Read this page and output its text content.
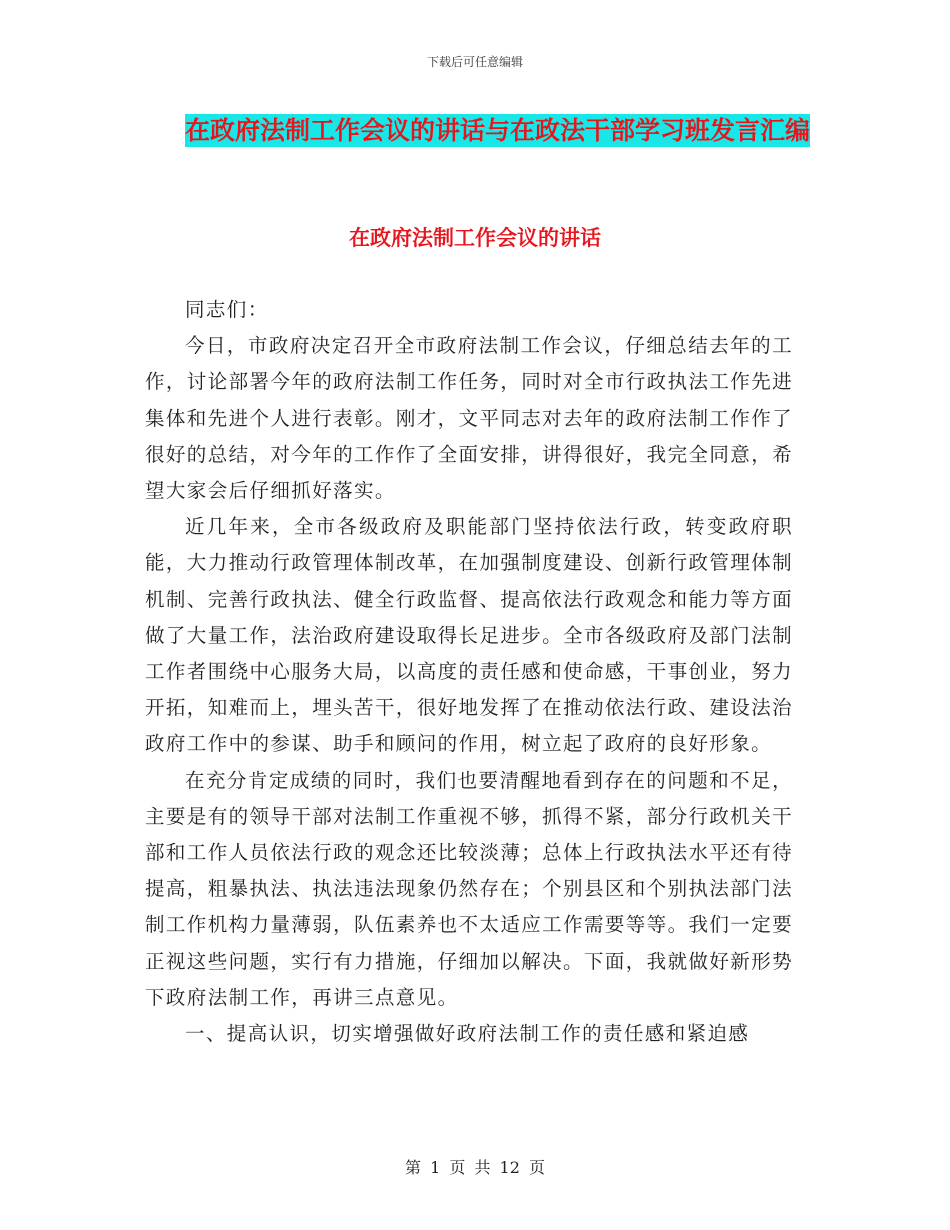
下载后可任意编辑
在政府法制工作会议的讲话与在政法干部学习班发言汇编
在政府法制工作会议的讲话

同志们：

今日，市政府决定召开全市政府法制工作会议，仔细总结去年的工作，讨论部署今年的政府法制工作任务，同时对全市行政执法工作先进集体和先进个人进行表彰。刚才，文平同志对去年的政府法制工作作了很好的总结，对今年的工作作了全面安排，讲得很好，我完全同意，希望大家会后仔细抓好落实。

近几年来，全市各级政府及职能部门坚持依法行政，转变政府职能，大力推动行政管理体制改革，在加强制度建设、创新行政管理体制机制、完善行政执法、健全行政监督、提高依法行政观念和能力等方面做了大量工作，法治政府建设取得长足进步。全市各级政府及部门法制工作者围绕中心服务大局，以高度的责任感和使命感，干事创业，努力开拓，知难而上，埋头苦干，很好地发挥了在推动依法行政、建设法治政府工作中的参谋、助手和顾问的作用，树立起了政府的良好形象。

在充分肯定成绩的同时，我们也要清醒地看到存在的问题和不足，主要是有的领导干部对法制工作重视不够，抓得不紧，部分行政机关干部和工作人员依法行政的观念还比较淡薄；总体上行政执法水平还有待提高，粗暴执法、执法违法现象仍然存在；个别县区和个别执法部门法制工作机构力量薄弱，队伍素养也不太适应工作需要等等。我们一定要正视这些问题，实行有力措施，仔细加以解决。下面，我就做好新形势下政府法制工作，再讲三点意见。

一、提高认识，切实增强做好政府法制工作的责任感和紧迫感

第 1 页 共 12 页
